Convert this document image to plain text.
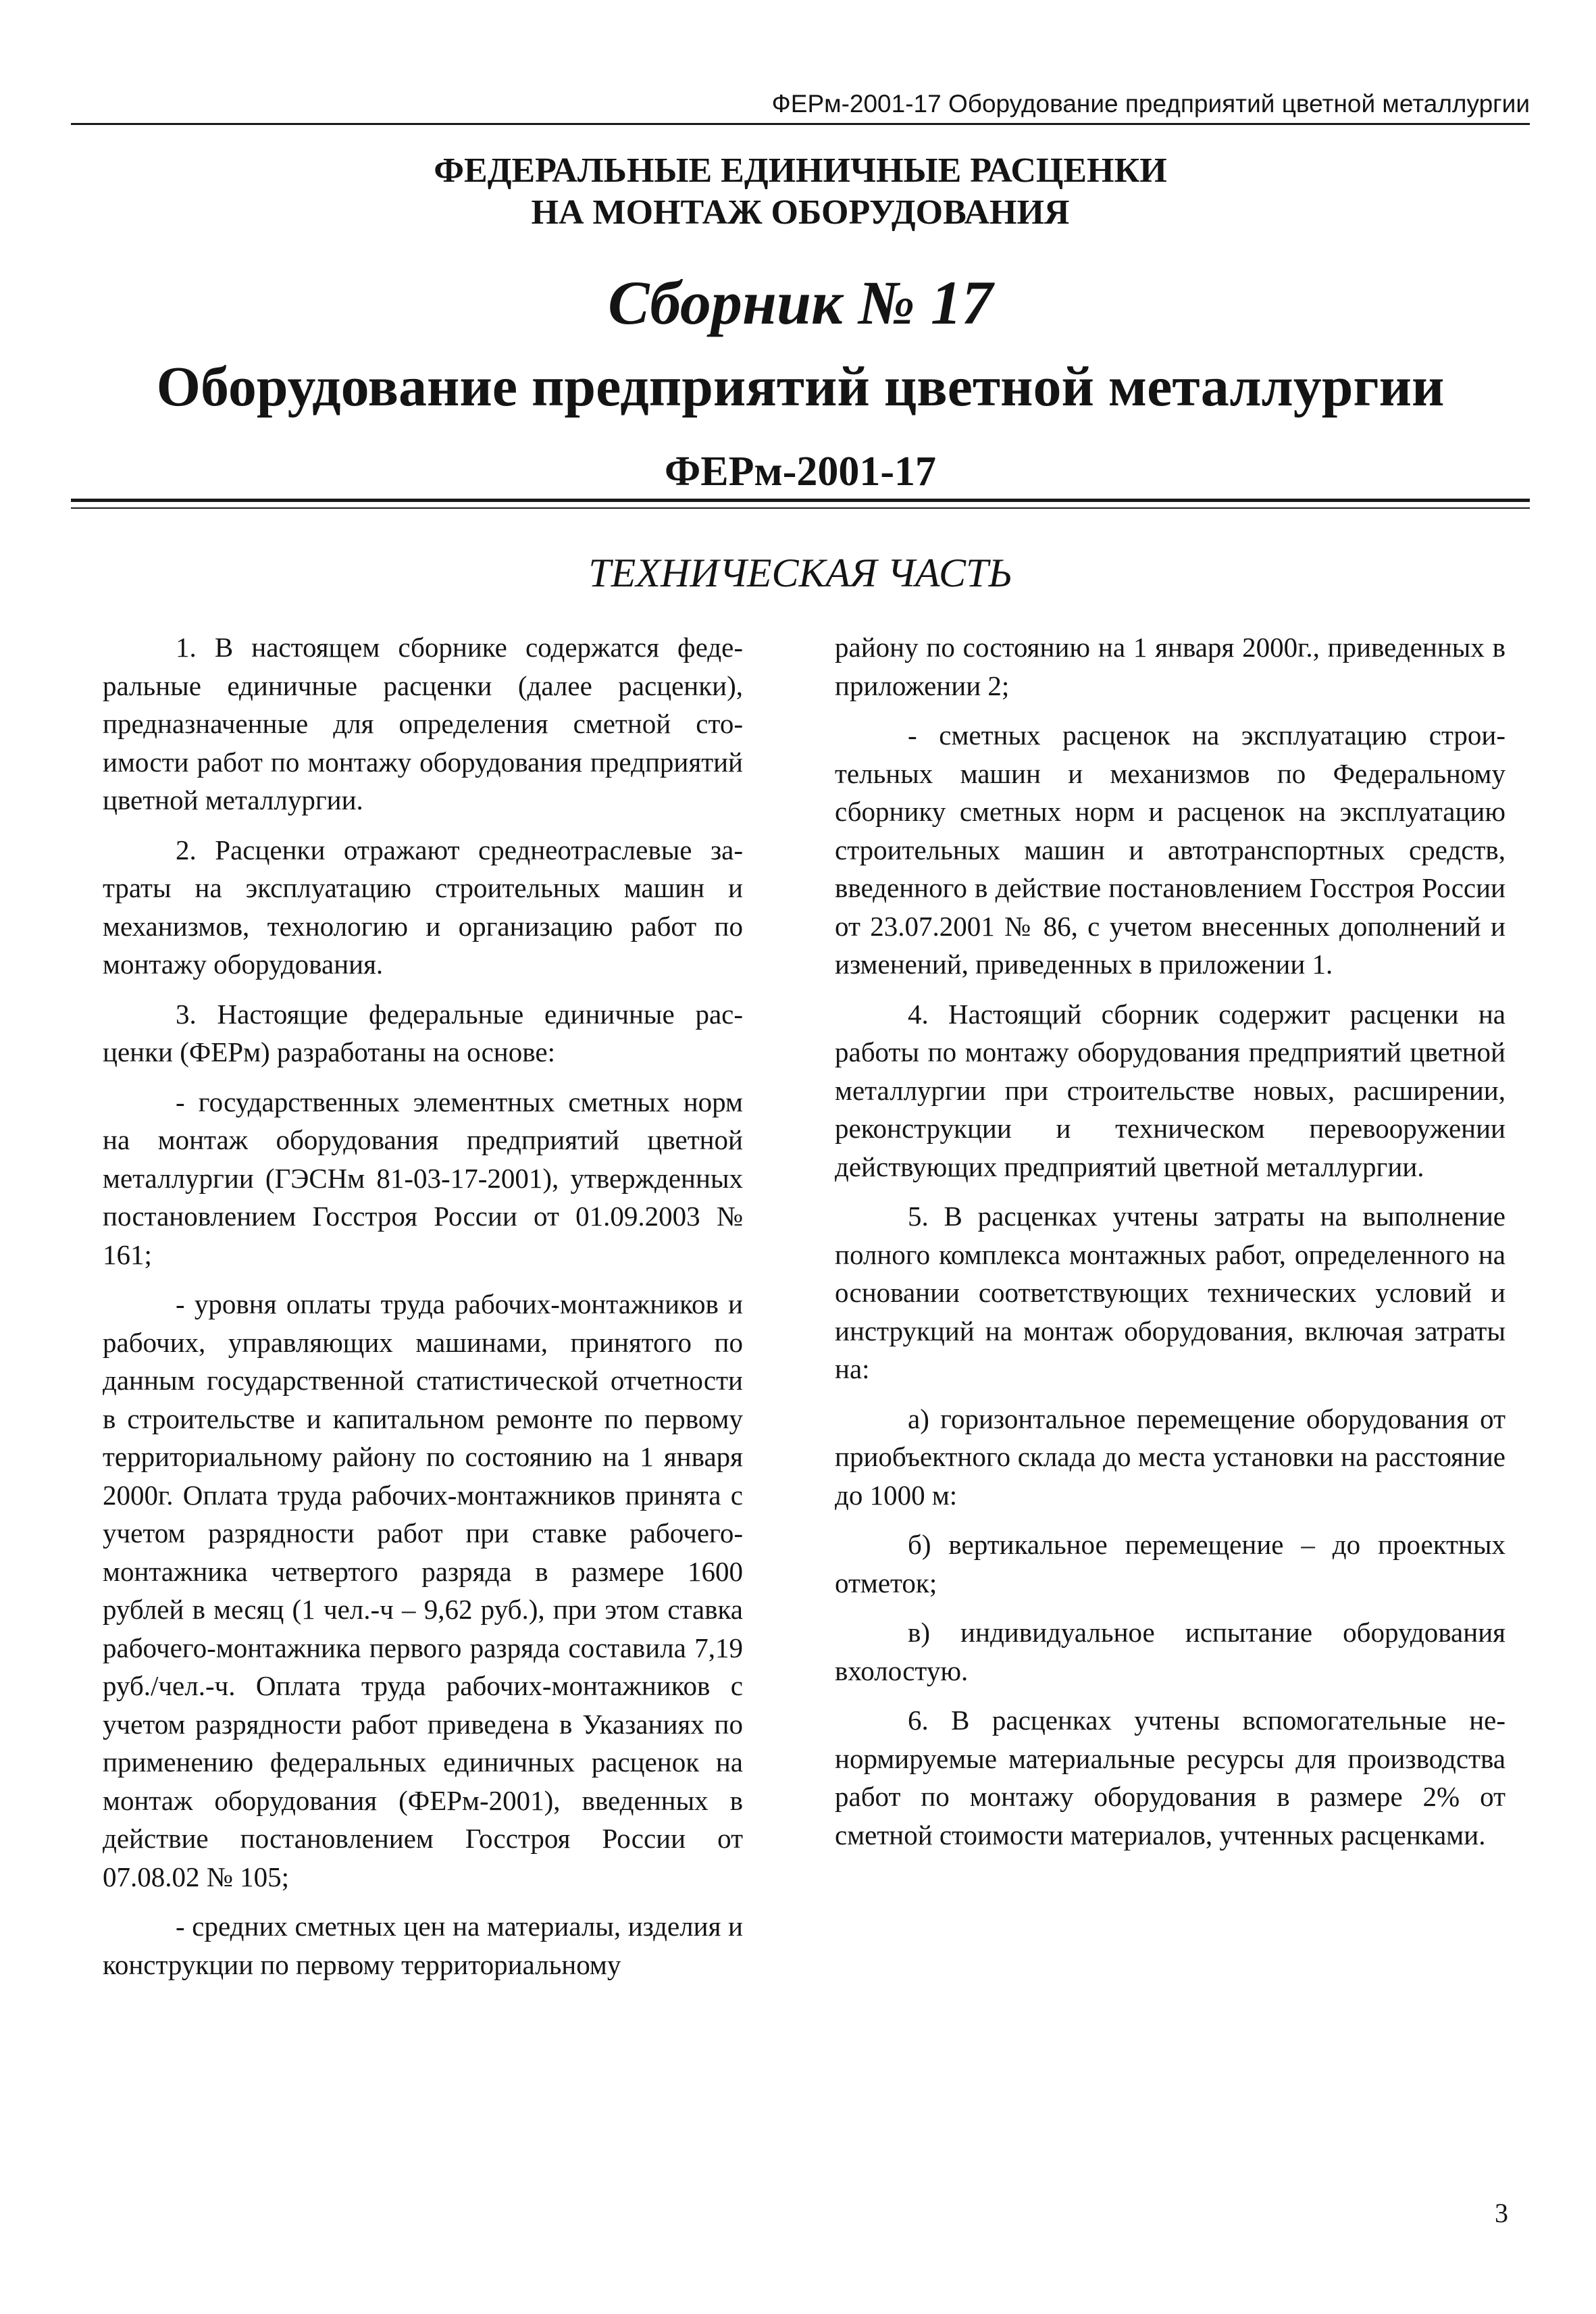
ФЕРм-2001-17 Оборудование предприятий цветной металлургии
ФЕДЕРАЛЬНЫЕ ЕДИНИЧНЫЕ РАСЦЕНКИ
НА МОНТАЖ ОБОРУДОВАНИЯ
Сборник № 17
Оборудование предприятий цветной металлургии
ФЕРм-2001-17
ТЕХНИЧЕСКАЯ ЧАСТЬ

1. В настоящем сборнике содержатся федеральные единичные расценки (далее расценки), предназначенные для определения сметной стоимости работ по монтажу оборудования предприятий цветной металлургии.

2. Расценки отражают среднеотраслевые затраты на эксплуатацию строительных машин и механизмов, технологию и организацию работ по монтажу оборудования.

3. Настоящие федеральные единичные расценки (ФЕРм) разработаны на основе:

- государственных элементных сметных норм на монтаж оборудования предприятий цветной металлургии (ГЭСНм 81-03-17-2001), утвержденных постановлением Госстроя России от 01.09.2003 № 161;

- уровня оплаты труда рабочих-монтажников и рабочих, управляющих машинами, принятого по данным государственной статистической отчетности в строительстве и капитальном ремонте по первому территориальному району по состоянию на 1 января 2000г. Оплата труда рабочих-монтажников принята с учетом разрядности работ при ставке рабочего-монтажника четвертого разряда в размере 1600 рублей в месяц (1 чел.-ч – 9,62 руб.), при этом ставка рабочего-монтажника первого разряда составила 7,19 руб./чел.-ч. Оплата труда рабочих-монтажников с учетом разрядности работ приведена в Указаниях по применению федеральных единичных расценок на монтаж оборудования (ФЕРм-2001), введенных в действие постановлением Госстроя России от 07.08.02 № 105;

- средних сметных цен на материалы, изделия и конструкции по первому территориальному

району по состоянию на 1 января 2000г., приведенных в приложении 2;

- сметных расценок на эксплуатацию строительных машин и механизмов по Федеральному сборнику сметных норм и расценок на эксплуатацию строительных машин и автотранспортных средств, введенного в действие постановлением Госстроя России от 23.07.2001 № 86, с учетом внесенных дополнений и изменений, приведенных в приложении 1.

4. Настоящий сборник содержит расценки на работы по монтажу оборудования предприятий цветной металлургии при строительстве новых, расширении, реконструкции и техническом перевооружении действующих предприятий цветной металлургии.

5. В расценках учтены затраты на выполнение полного комплекса монтажных работ, определенного на основании соответствующих технических условий и инструкций на монтаж оборудования, включая затраты на:

а) горизонтальное перемещение оборудования от приобъектного склада до места установки на расстояние до 1000 м:

б) вертикальное перемещение – до проектных отметок;

в) индивидуальное испытание оборудования вхолостую.

6. В расценках учтены вспомогательные ненормируемые материальные ресурсы для производства работ по монтажу оборудования в размере 2% от сметной стоимости материалов, учтенных расценками.

3
